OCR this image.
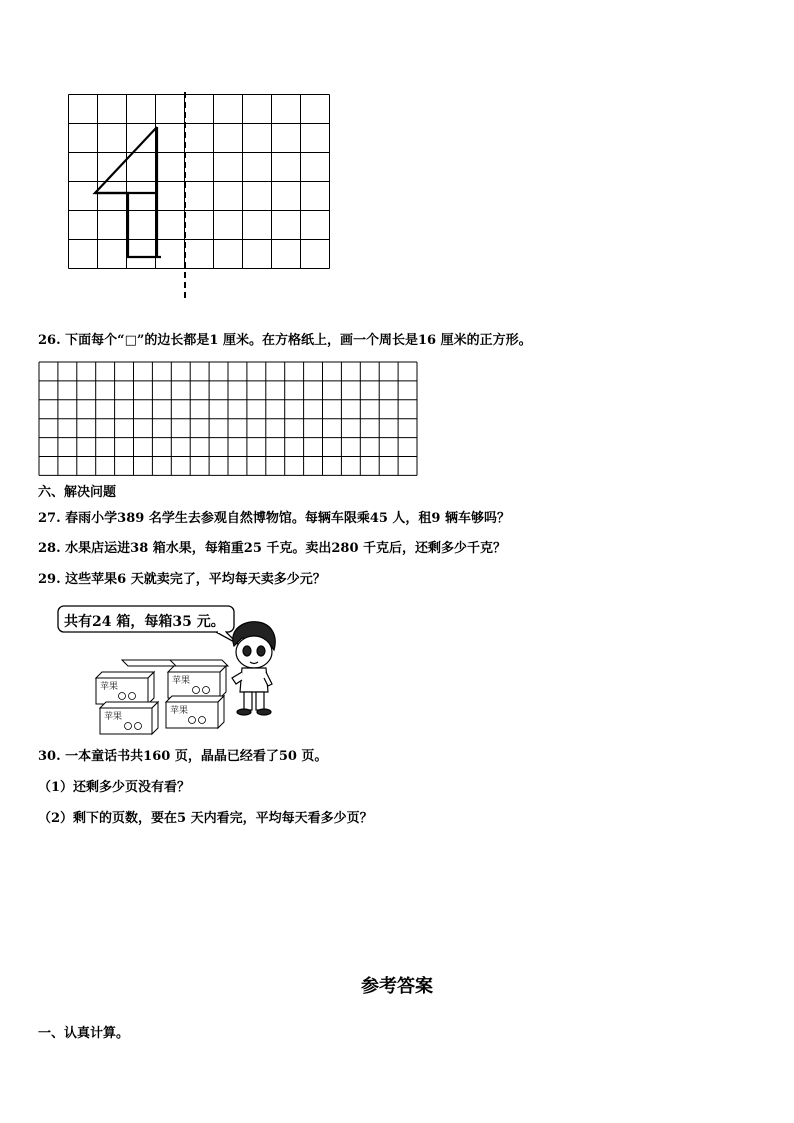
26. 下面每个“□”的边长都是1 厘米。在方格纸上，画一个周长是16 厘米的正方形。
六、解决问题
27. 春雨小学389 名学生去参观自然博物馆。每辆车限乘45 人，租9 辆车够吗？
28. 水果店运进38 箱水果，每箱重25 千克。卖出280 千克后，还剩多少千克？
29. 这些苹果6 天就卖完了，平均每天卖多少元？
共有24 箱，每箱35 元。
苹果
苹果
苹果
苹果
30. 一本童话书共160 页，晶晶已经看了50 页。
（1）还剩多少页没有看？
（2）剩下的页数，要在5 天内看完，平均每天看多少页？
参考答案
一、认真计算。
